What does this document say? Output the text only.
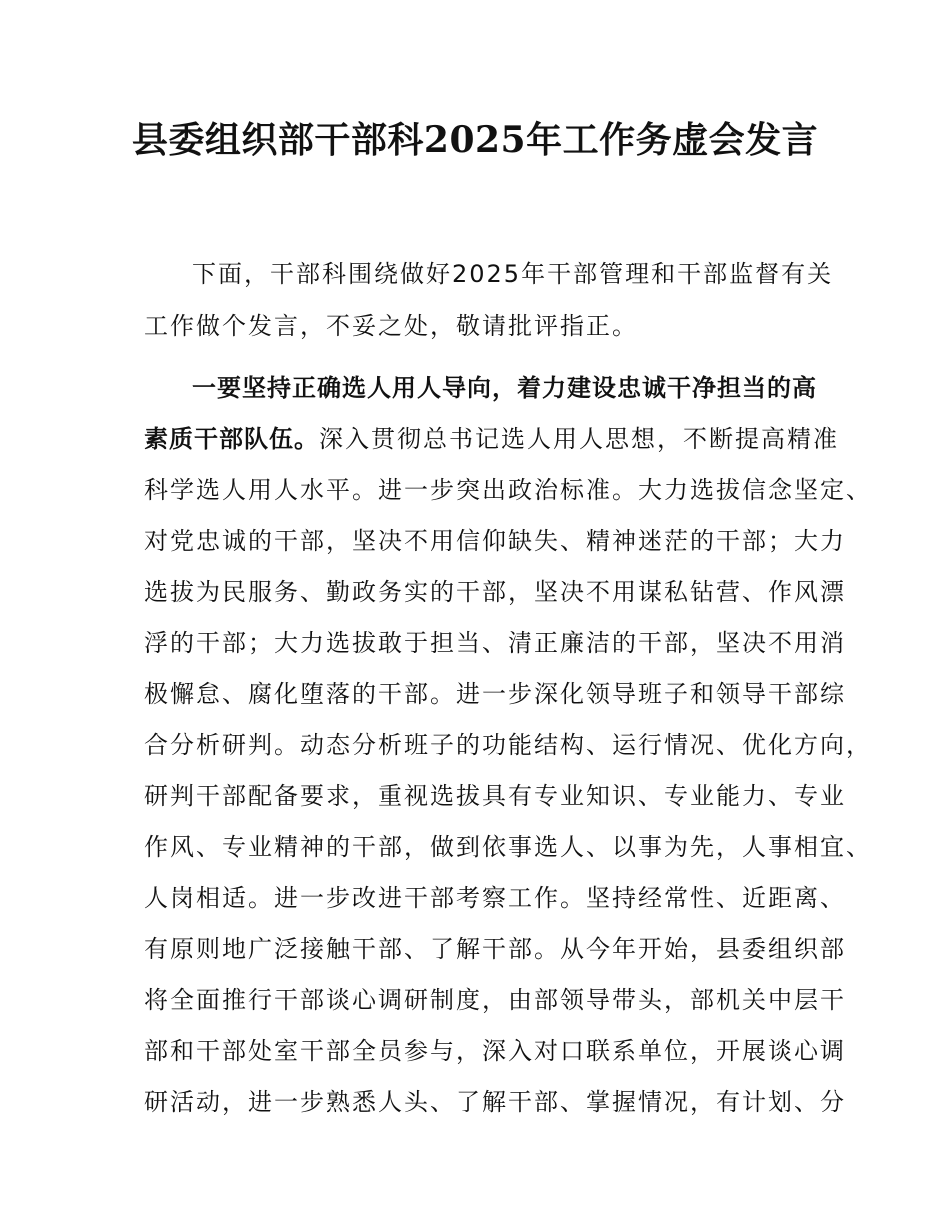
县委组织部干部科2025年工作务虚会发言
下面，干部科围绕做好2025年干部管理和干部监督有关
工作做个发言，不妥之处，敬请批评指正。
一要坚持正确选人用人导向，着力建设忠诚干净担当的高
素质干部队伍。深入贯彻总书记选人用人思想，不断提高精准
科学选人用人水平。进一步突出政治标准。大力选拔信念坚定、
对党忠诚的干部，坚决不用信仰缺失、精神迷茫的干部；大力
选拔为民服务、勤政务实的干部，坚决不用谋私钻营、作风漂
浮的干部；大力选拔敢于担当、清正廉洁的干部，坚决不用消
极懈怠、腐化堕落的干部。进一步深化领导班子和领导干部综
合分析研判。动态分析班子的功能结构、运行情况、优化方向，
研判干部配备要求，重视选拔具有专业知识、专业能力、专业
作风、专业精神的干部，做到依事选人、以事为先，人事相宜、
人岗相适。进一步改进干部考察工作。坚持经常性、近距离、
有原则地广泛接触干部、了解干部。从今年开始，县委组织部
将全面推行干部谈心调研制度，由部领导带头，部机关中层干
部和干部处室干部全员参与，深入对口联系单位，开展谈心调
研活动，进一步熟悉人头、了解干部、掌握情况，有计划、分
